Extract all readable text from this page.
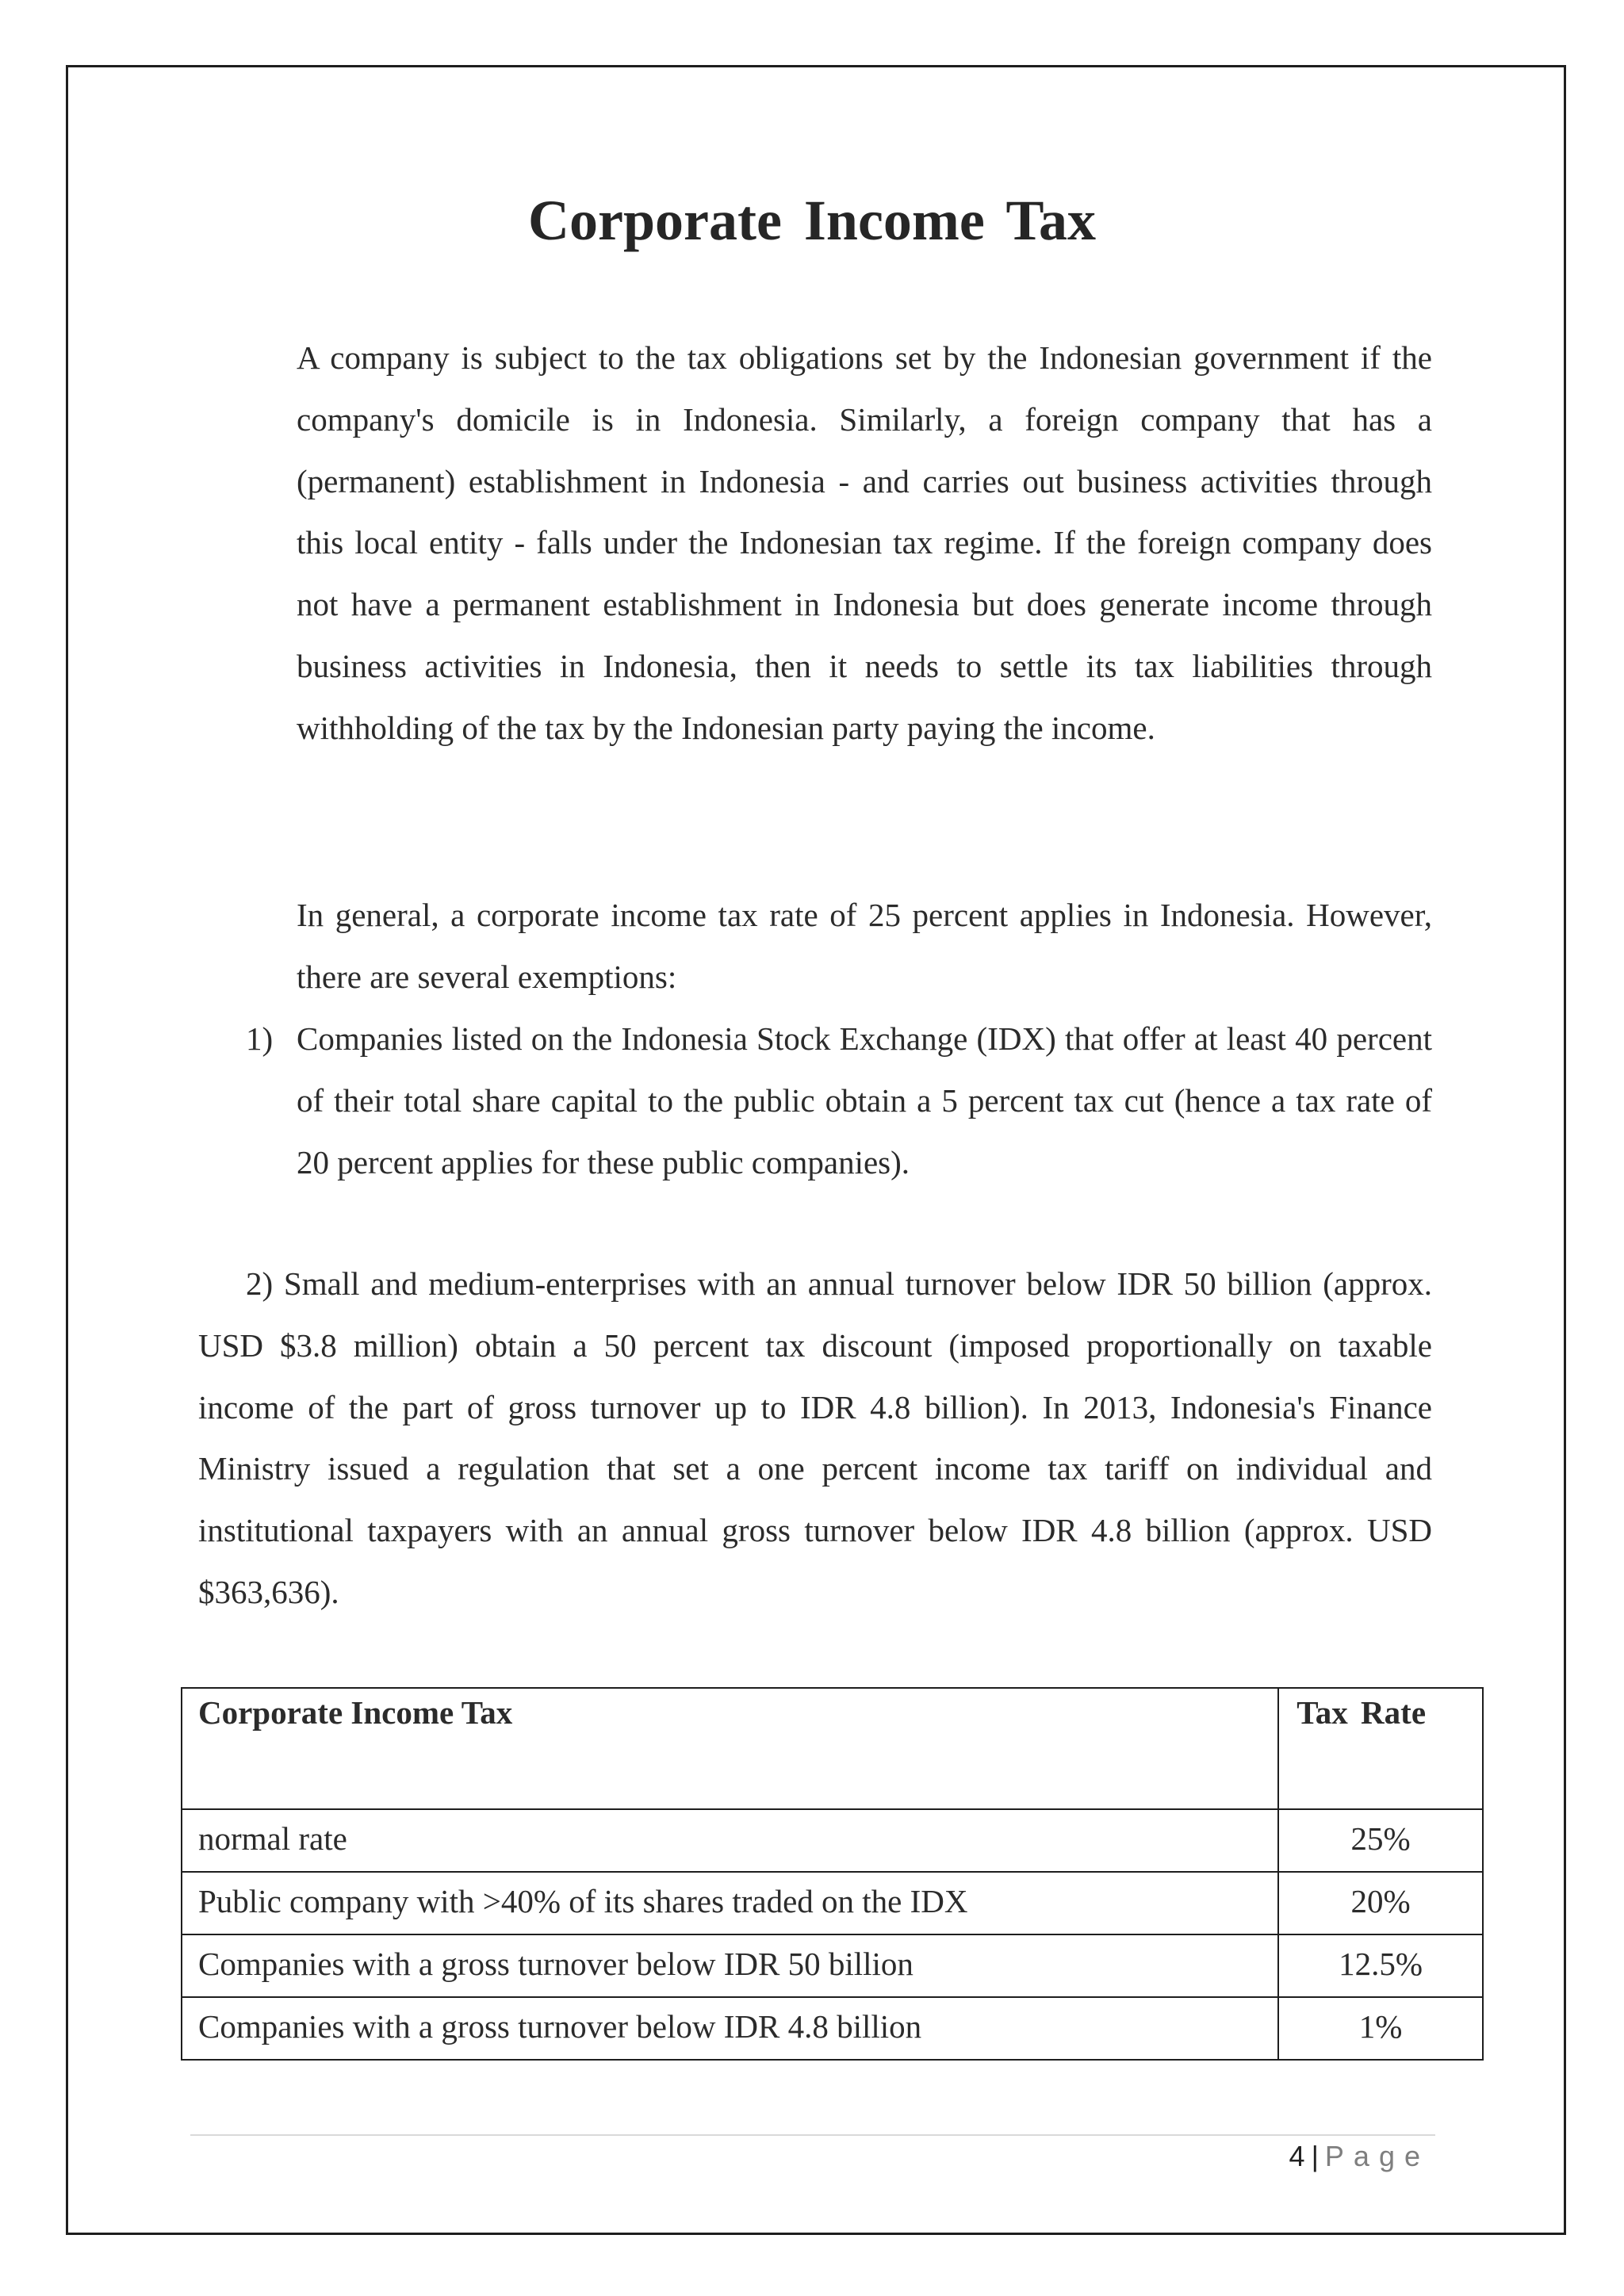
Corporate Income Tax

A company is subject to the tax obligations set by the Indonesian government if the company's domicile is in Indonesia. Similarly, a foreign company that has a (permanent) establishment in Indonesia - and carries out business activities through this local entity - falls under the Indonesian tax regime. If the foreign company does not have a permanent establishment in Indonesia but does generate income through business activities in Indonesia, then it needs to settle its tax liabilities through withholding of the tax by the Indonesian party paying the income.

In general, a corporate income tax rate of 25 percent applies in Indonesia. However, there are several exemptions:

1) Companies listed on the Indonesia Stock Exchange (IDX) that offer at least 40 percent of their total share capital to the public obtain a 5 percent tax cut (hence a tax rate of 20 percent applies for these public companies).

2) Small and medium-enterprises with an annual turnover below IDR 50 billion (approx. USD $3.8 million) obtain a 50 percent tax discount (imposed proportionally on taxable income of the part of gross turnover up to IDR 4.8 billion). In 2013, Indonesia's Finance Ministry issued a regulation that set a one percent income tax tariff on individual and institutional taxpayers with an annual gross turnover below IDR 4.8 billion (approx. USD $363,636).

Corporate Income Tax	Tax Rate
normal rate	25%
Public company with >40% of its shares traded on the IDX	20%
Companies with a gross turnover below IDR 50 billion	12.5%
Companies with a gross turnover below IDR 4.8 billion	1%
4 | Page
